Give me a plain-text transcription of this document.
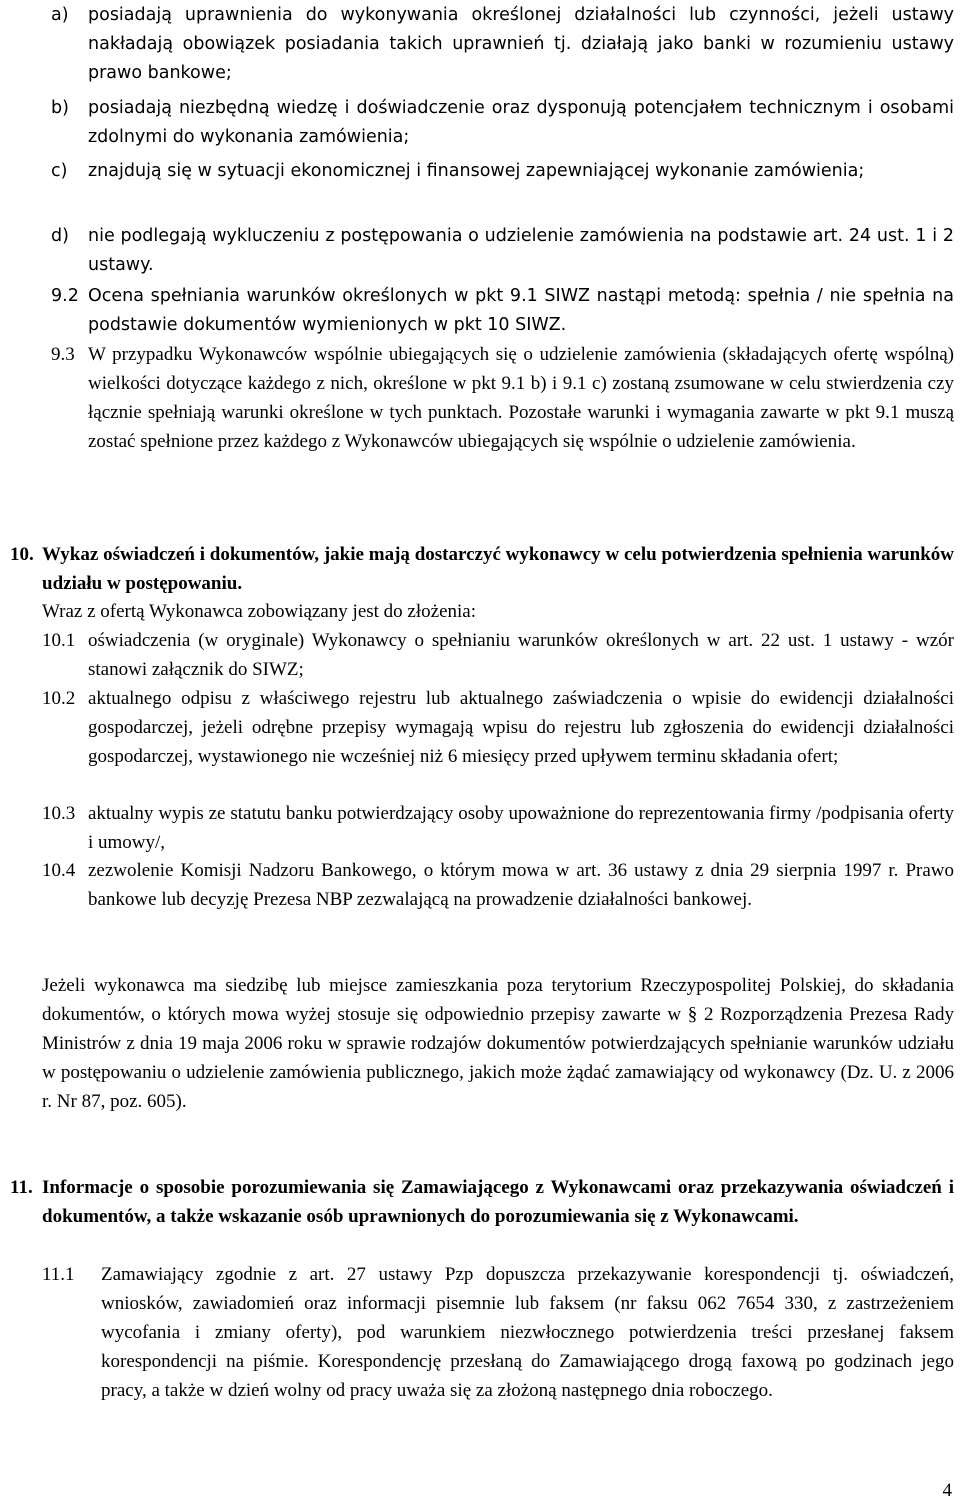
a) posiadają uprawnienia do wykonywania określonej działalności lub czynności, jeżeli ustawy nakładają obowiązek posiadania takich uprawnień tj. działają jako banki w rozumieniu ustawy prawo bankowe;
b) posiadają niezbędną wiedzę i doświadczenie oraz dysponują potencjałem technicznym i osobami zdolnymi do wykonania zamówienia;
c) znajdują się w sytuacji ekonomicznej i finansowej zapewniającej wykonanie zamówienia;
d) nie podlegają wykluczeniu z postępowania o udzielenie zamówienia na podstawie art. 24 ust. 1 i 2 ustawy.
9.2 Ocena spełniania warunków określonych w pkt 9.1 SIWZ nastąpi metodą: spełnia / nie spełnia na podstawie dokumentów wymienionych w pkt 10 SIWZ.
9.3 W przypadku Wykonawców wspólnie ubiegających się o udzielenie zamówienia (składających ofertę wspólną) wielkości dotyczące każdego z nich, określone w pkt 9.1 b) i 9.1 c) zostaną zsumowane w celu stwierdzenia czy łącznie spełniają warunki określone w tych punktach. Pozostałe warunki i wymagania zawarte w pkt 9.1 muszą zostać spełnione przez każdego z Wykonawców ubiegających się wspólnie o udzielenie zamówienia.
10. Wykaz oświadczeń i dokumentów, jakie mają dostarczyć wykonawcy w celu potwierdzenia spełnienia warunków udziału w postępowaniu.
Wraz z ofertą Wykonawca zobowiązany jest do złożenia:
10.1 oświadczenia (w oryginale) Wykonawcy o spełnianiu warunków określonych w art. 22 ust. 1 ustawy - wzór stanowi załącznik do SIWZ;
10.2 aktualnego odpisu z właściwego rejestru lub aktualnego zaświadczenia o wpisie do ewidencji działalności gospodarczej, jeżeli odrębne przepisy wymagają wpisu do rejestru lub zgłoszenia do ewidencji działalności gospodarczej, wystawionego nie wcześniej niż 6 miesięcy przed upływem terminu składania ofert;
10.3 aktualny wypis ze statutu banku potwierdzający osoby upoważnione do reprezentowania firmy /podpisania oferty i umowy/,
10.4 zezwolenie Komisji Nadzoru Bankowego, o którym mowa w art. 36 ustawy z dnia 29 sierpnia 1997 r. Prawo bankowe lub decyzję Prezesa NBP zezwalającą na prowadzenie działalności bankowej.
Jeżeli wykonawca ma siedzibę lub miejsce zamieszkania poza terytorium Rzeczypospolitej Polskiej, do składania dokumentów, o których mowa wyżej stosuje się odpowiednio przepisy zawarte w § 2 Rozporządzenia Prezesa Rady Ministrów z dnia 19 maja 2006 roku w sprawie rodzajów dokumentów potwierdzających spełnianie warunków udziału w postępowaniu o udzielenie zamówienia publicznego, jakich może żądać zamawiający od wykonawcy (Dz. U. z 2006 r. Nr 87, poz. 605).
11. Informacje o sposobie porozumiewania się Zamawiającego z Wykonawcami oraz przekazywania oświadczeń i dokumentów, a także wskazanie osób uprawnionych do porozumiewania się z Wykonawcami.
11.1 Zamawiający zgodnie z art. 27 ustawy Pzp dopuszcza przekazywanie korespondencji tj. oświadczeń, wniosków, zawiadomień oraz informacji pisemnie lub faksem (nr faksu 062 7654 330, z zastrzeżeniem wycofania i zmiany oferty), pod warunkiem niezwłocznego potwierdzenia treści przesłanej faksem korespondencji na piśmie. Korespondencję przesłaną do Zamawiającego drogą faxową po godzinach jego pracy, a także w dzień wolny od pracy uważa się za złożoną następnego dnia roboczego.
4
